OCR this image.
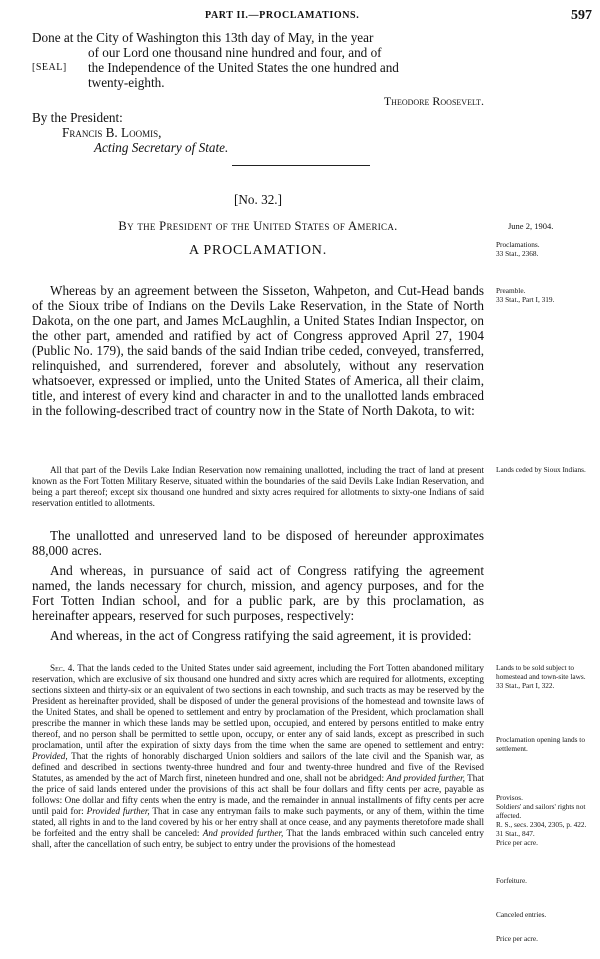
PART II.—PROCLAMATIONS.	597

Done at the City of Washington this 13th day of May, in the year

of our Lord one thousand nine hundred and four, and of

the Independence of the United States the one hundred and

twenty-eighth.

[SEAL]

Theodore Roosevelt.

By the President:

Francis B. Loomis,

Acting Secretary of State.

[No. 32.]

By the President of the United States of America.

A PROCLAMATION.

Whereas by an agreement between the Sisseton, Wahpeton, and Cut-Head bands of the Sioux tribe of Indians on the Devils Lake Reservation, in the State of North Dakota, on the one part, and James McLaughlin, a United States Indian Inspector, on the other part, amended and ratified by act of Congress approved April 27, 1904 (Public No. 179), the said bands of the said Indian tribe ceded, conveyed, transferred, relinquished, and surrendered, forever and absolutely, without any reservation whatsoever, expressed or implied, unto the United States of America, all their claim, title, and interest of every kind and character in and to the unallotted lands embraced in the following-described tract of country now in the State of North Dakota, to wit:

All that part of the Devils Lake Indian Reservation now remaining unallotted, including the tract of land at present known as the Fort Totten Military Reserve, situated within the boundaries of the said Devils Lake Indian Reservation, and being a part thereof; except six thousand one hundred and sixty acres required for allotments to sixty-one Indians of said reservation entitled to allotments.

The unallotted and unreserved land to be disposed of hereunder approximates 88,000 acres.

And whereas, in pursuance of said act of Congress ratifying the agreement named, the lands necessary for church, mission, and agency purposes, and for the Fort Totten Indian school, and for a public park, are by this proclamation, as hereinafter appears, reserved for such purposes, respectively:

And whereas, in the act of Congress ratifying the said agreement, it is provided:

Sec. 4. That the lands ceded to the United States under said agreement, including the Fort Totten abandoned military reservation, which are exclusive of six thousand one hundred and sixty acres which are required for allotments, excepting sections sixteen and thirty-six or an equivalent of two sections in each township, and such tracts as may be reserved by the President as hereinafter provided, shall be disposed of under the general provisions of the homestead and townsite laws of the United States, and shall be opened to settlement and entry by proclamation of the President, which proclamation shall prescribe the manner in which these lands may be settled upon, occupied, and entered by persons entitled to make entry thereof, and no person shall be permitted to settle upon, occupy, or enter any of said lands, except as prescribed in such proclamation, until after the expiration of sixty days from the time when the same are opened to settlement and entry: Provided, That the rights of honorably discharged Union soldiers and sailors of the late civil and the Spanish war, as defined and described in sections twenty-three hundred and four and twenty-three hundred and five of the Revised Statutes, as amended by the act of March first, nineteen hundred and one, shall not be abridged: And provided further, That the price of said lands entered under the provisions of this act shall be four dollars and fifty cents per acre, payable as follows: One dollar and fifty cents when the entry is made, and the remainder in annual installments of fifty cents per acre until paid for: Provided further, That in case any entryman fails to make such payments, or any of them, within the time stated, all rights in and to the land covered by his or her entry shall at once cease, and any payments theretofore made shall be forfeited and the entry shall be canceled: And provided further, That the lands embraced within such canceled entry shall, after the cancellation of such entry, be subject to entry under the provisions of the homestead

June 2, 1904.

Proclamations.

33 Stat., 2368.

Preamble.

33 Stat., Part I, 319.

Lands ceded by Sioux Indians.

Lands to be sold subject to homestead and town-site laws.

33 Stat., Part I, 322.

Proclamation opening lands to settlement.

Provisos.

Soldiers' and sailors' rights not affected.

R. S., secs. 2304, 2305, p. 422.

31 Stat., 847.

Price per acre.

Forfeiture.

Canceled entries.

Price per acre.
